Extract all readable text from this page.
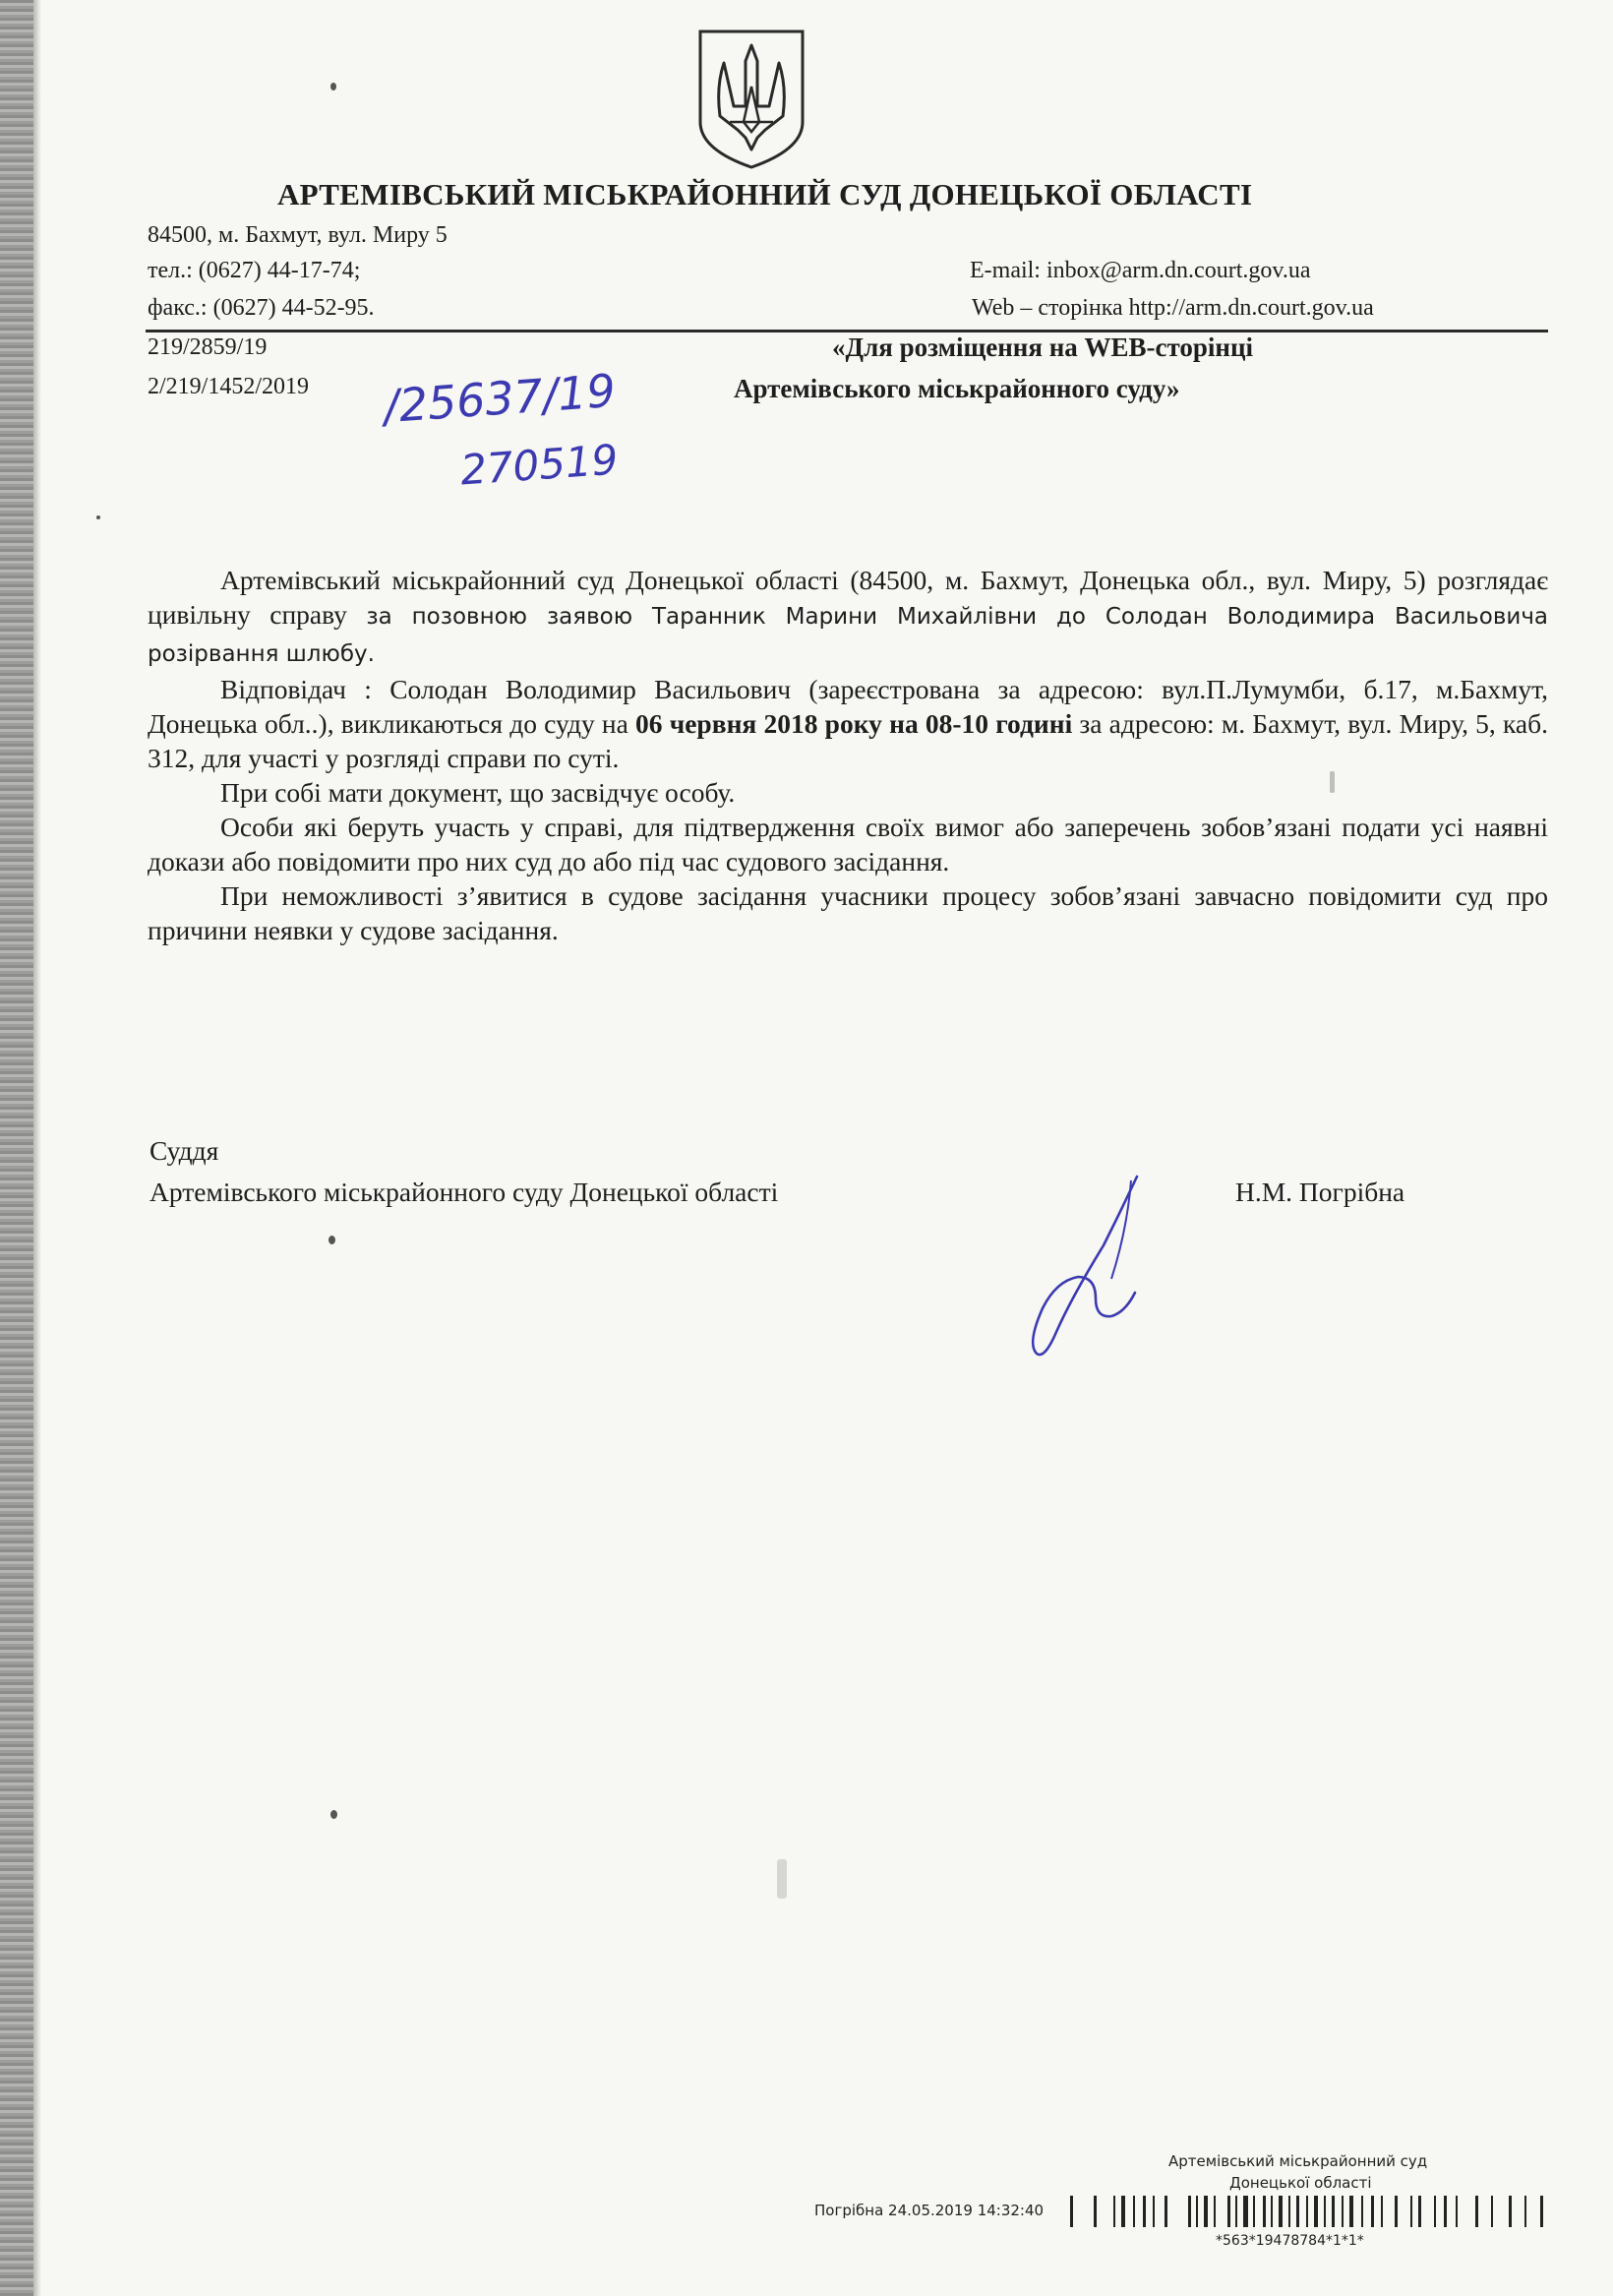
АРТЕМІВСЬКИЙ МІСЬКРАЙОННИЙ СУД ДОНЕЦЬКОЇ ОБЛАСТІ
84500, м. Бахмут, вул. Миру 5
тел.: (0627) 44-17-74;
факс.: (0627) 44-52-95.
E-mail: inbox@arm.dn.court.gov.ua
Web – сторінка http://arm.dn.court.gov.ua
219/2859/19
2/219/1452/2019 /25637/19
270519
«Для розміщення на WEB-сторінці
Артемівського міськрайонного суду»

Артемівський міськрайонний суд Донецької області (84500, м. Бахмут, Донецька обл., вул. Миру, 5) розглядає цивільну справу за позовною заявою Таранник Марини Михайлівни до Солодан Володимира Васильовича розірвання шлюбу.

Відповідач : Солодан Володимир Васильович (зареєстрована за адресою: вул.П.Лумумби, б.17, м.Бахмут, Донецька обл..), викликаються до суду на 06 червня 2018 року на 08-10 годині за адресою: м. Бахмут, вул. Миру, 5, каб. 312, для участі у розгляді справи по суті.

При собі мати документ, що засвідчує особу.

Особи які беруть участь у справі, для підтвердження своїх вимог або заперечень зобов’язані подати усі наявні докази або повідомити про них суд до або під час судового засідання.

При неможливості з’явитися в судове засідання учасники процесу зобов’язані завчасно повідомити суд про причини неявки у судове засідання.

Суддя
Артемівського міськрайонного суду Донецької області	Н.М. Погрібна
Артемівський міськрайонний суд
Донецької області
Погрібна 24.05.2019 14:32:40
*563*19478784*1*1*
